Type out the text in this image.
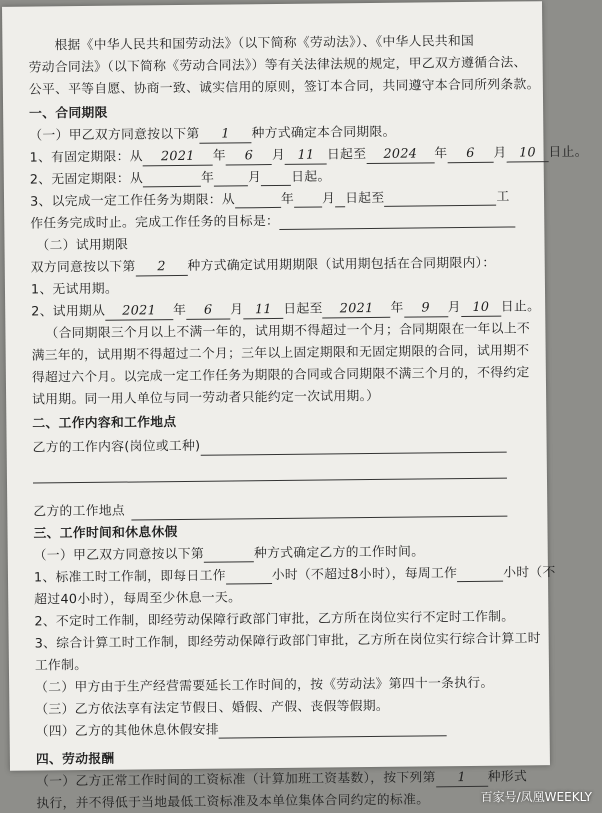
根据《中华人民共和国劳动法》（以下简称《劳动法》）、《中华人民共和国
劳动合同法》（以下简称《劳动合同法》）等有关法律法规的规定，甲乙双方遵循合法、
公平、平等自愿、协商一致、诚实信用的原则，签订本合同，共同遵守本合同所列条款。
一、合同期限
（一）甲乙双方同意按以下第 1 种方式确定本合同期限。
1、有固定期限：从 2021 年 6 月 11 日起至 2024 年 6 月 10 日止。
2、无固定期限：从	年	月 日起。
3、以完成一定工作任务为期限：从	年 月 日起至	工
作任务完成时止。完成工作任务的目标是：
（二）试用期限
双方同意按以下第 2 种方式确定试用期期限（试用期包括在合同期限内）：
1、无试用期。
2、试用期从 2021 年 6 月 11 日起至 2021 年 9 月 10 日止。
（合同期限三个月以上不满一年的，试用期不得超过一个月；合同期限在一年以上不
满三年的，试用期不得超过二个月；三年以上固定期限和无固定期限的合同，试用期不
得超过六个月。以完成一定工作任务为期限的合同或合同期限不满三个月的，不得约定
试用期。同一用人单位与同一劳动者只能约定一次试用期。）
二、工作内容和工作地点
乙方的工作内容(岗位或工种)
乙方的工作地点
三、工作时间和休息休假
（一）甲乙双方同意按以下第	种方式确定乙方的工作时间。
1、标准工时工作制，即每日工作	小时（不超过8小时），每周工作	小时（不
超过40小时），每周至少休息一天。
2、不定时工作制，即经劳动保障行政部门审批，乙方所在岗位实行不定时工作制。
3、综合计算工时工作制，即经劳动保障行政部门审批，乙方所在岗位实行综合计算工时
工作制。
（二）甲方由于生产经营需要延长工作时间的，按《劳动法》第四十一条执行。
（三）乙方依法享有法定节假日、婚假、产假、丧假等假期。
（四）乙方的其他休息休假安排
四、劳动报酬
（一）乙方正常工作时间的工资标准（计算加班工资基数），按下列第 1 种形式
执行，并不得低于当地最低工资标准及本单位集体合同约定的标准。	百家号/凤凰WEEKLY
